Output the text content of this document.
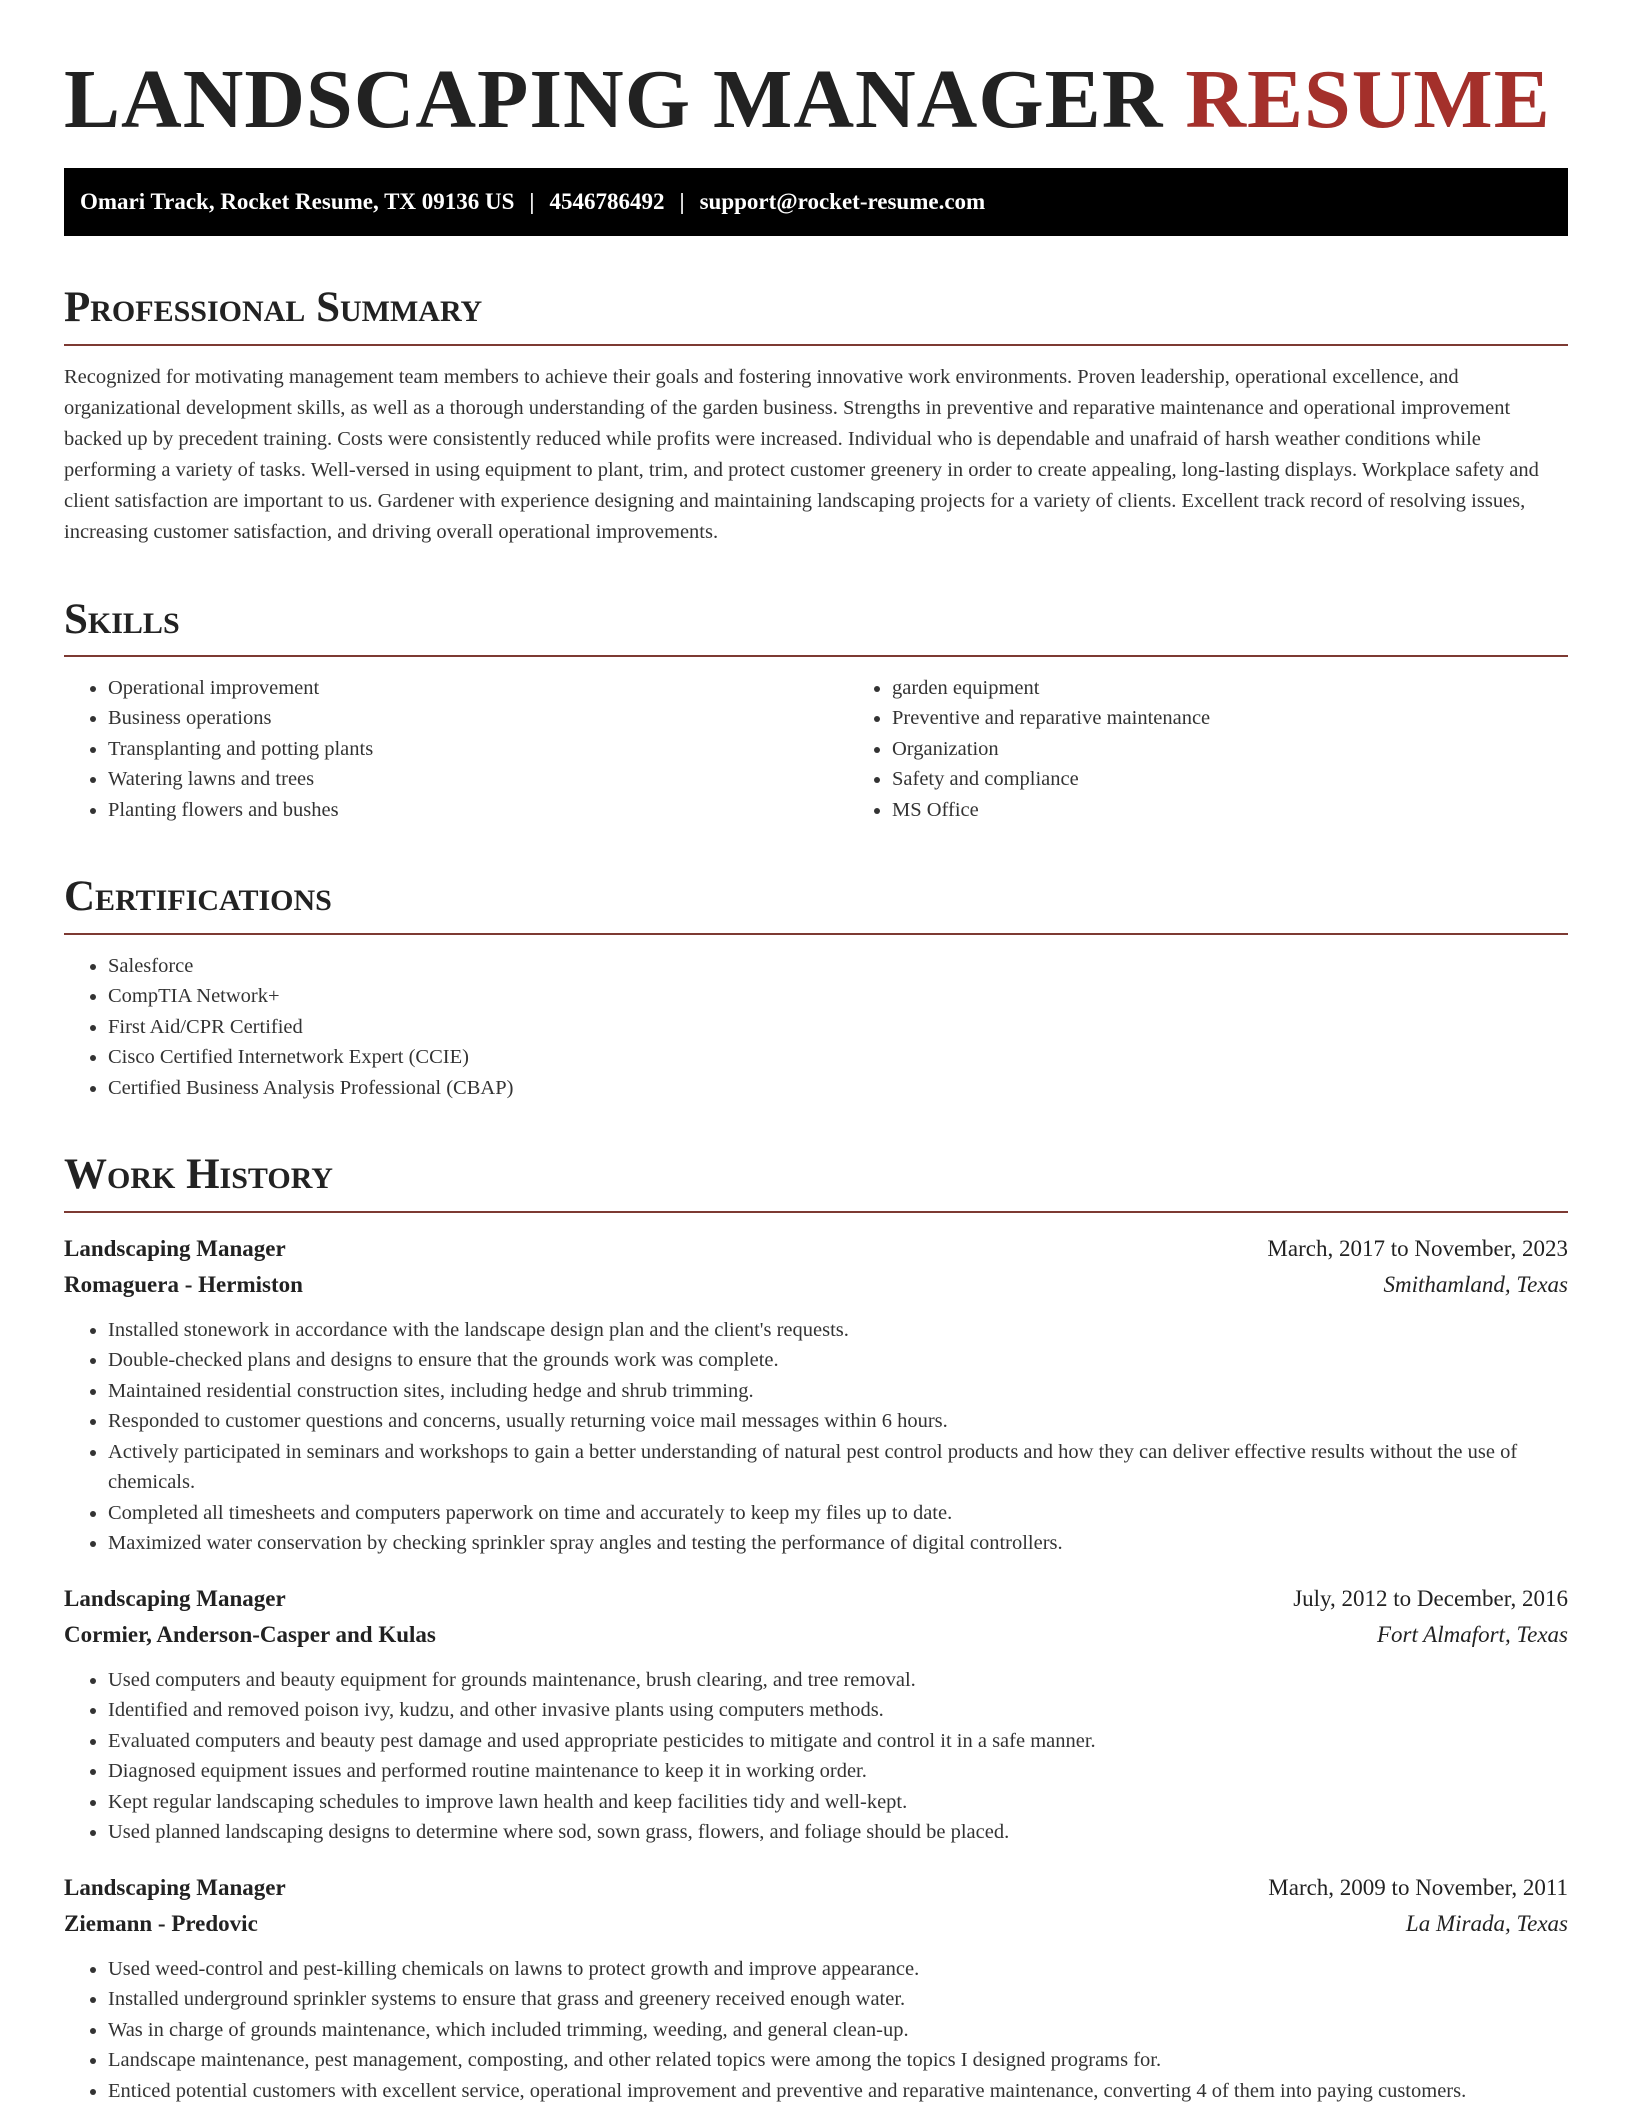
LANDSCAPING MANAGER RESUME
Omari Track, Rocket Resume, TX 09136 US | 4546786492 | support@rocket-resume.com
Professional Summary

Recognized for motivating management team members to achieve their goals and fostering innovative work environments. Proven leadership, operational excellence, and organizational development skills, as well as a thorough understanding of the garden business. Strengths in preventive and reparative maintenance and operational improvement backed up by precedent training. Costs were consistently reduced while profits were increased. Individual who is dependable and unafraid of harsh weather conditions while performing a variety of tasks. Well-versed in using equipment to plant, trim, and protect customer greenery in order to create appealing, long-lasting displays. Workplace safety and client satisfaction are important to us. Gardener with experience designing and maintaining landscaping projects for a variety of clients. Excellent track record of resolving issues, increasing customer satisfaction, and driving overall operational improvements.

Skills
• Operational improvement
• Business operations
• Transplanting and potting plants
• Watering lawns and trees
• Planting flowers and bushes
• garden equipment
• Preventive and reparative maintenance
• Organization
• Safety and compliance
• MS Office
Certifications
• Salesforce
• CompTIA Network+
• First Aid/CPR Certified
• Cisco Certified Internetwork Expert (CCIE)
• Certified Business Analysis Professional (CBAP)
Work History
Landscaping Manager	March, 2017 to November, 2023
Romaguera - Hermiston	Smithamland, Texas
• Installed stonework in accordance with the landscape design plan and the client's requests.
• Double-checked plans and designs to ensure that the grounds work was complete.
• Maintained residential construction sites, including hedge and shrub trimming.
• Responded to customer questions and concerns, usually returning voice mail messages within 6 hours.
• Actively participated in seminars and workshops to gain a better understanding of natural pest control products and how they can deliver effective results without the use of chemicals.
• Completed all timesheets and computers paperwork on time and accurately to keep my files up to date.
• Maximized water conservation by checking sprinkler spray angles and testing the performance of digital controllers.
Landscaping Manager	July, 2012 to December, 2016
Cormier, Anderson-Casper and Kulas	Fort Almafort, Texas
• Used computers and beauty equipment for grounds maintenance, brush clearing, and tree removal.
• Identified and removed poison ivy, kudzu, and other invasive plants using computers methods.
• Evaluated computers and beauty pest damage and used appropriate pesticides to mitigate and control it in a safe manner.
• Diagnosed equipment issues and performed routine maintenance to keep it in working order.
• Kept regular landscaping schedules to improve lawn health and keep facilities tidy and well-kept.
• Used planned landscaping designs to determine where sod, sown grass, flowers, and foliage should be placed.
Landscaping Manager	March, 2009 to November, 2011
Ziemann - Predovic	La Mirada, Texas
• Used weed-control and pest-killing chemicals on lawns to protect growth and improve appearance.
• Installed underground sprinkler systems to ensure that grass and greenery received enough water.
• Was in charge of grounds maintenance, which included trimming, weeding, and general clean-up.
• Landscape maintenance, pest management, composting, and other related topics were among the topics I designed programs for.
• Enticed potential customers with excellent service, operational improvement and preventive and reparative maintenance, converting 4 of them into paying customers.
